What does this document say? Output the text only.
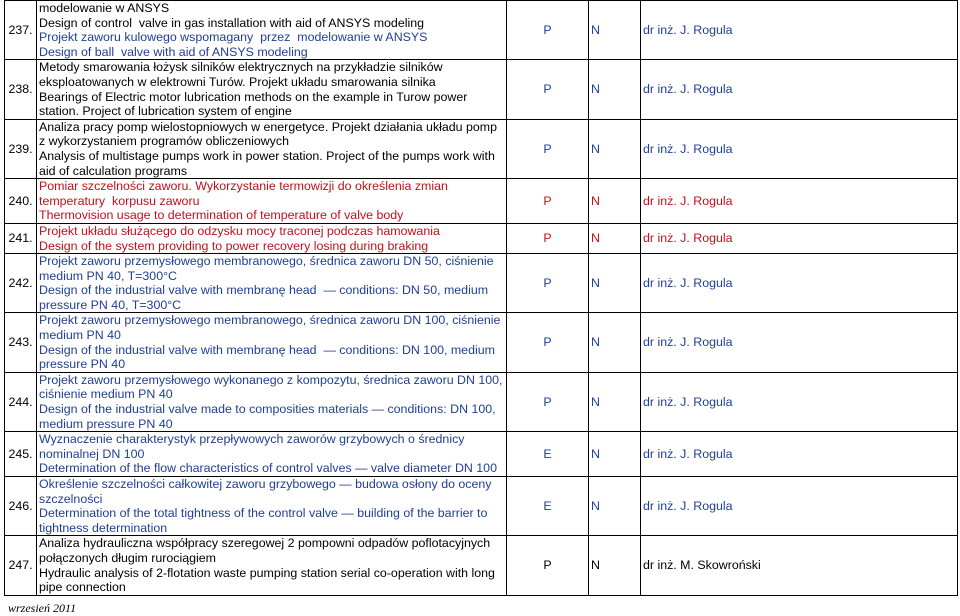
237.	modelowanie w ANSYS
Design of control  valve in gas installation with aid of ANSYS modeling
Projekt zaworu kulowego wspomagany  przez  modelowanie w ANSYS
Design of ball  valve with aid of ANSYS modeling	P	N	dr inż. J. Rogula
238.	Metody smarowania łożysk silników elektrycznych na przykładzie silników eksploatowanych w elektrowni Turów. Projekt układu smarowania silnika
Bearings of Electric motor lubrication methods on the example in Turow power station. Project of lubrication system of engine	P	N	dr inż. J. Rogula
239.	Analiza pracy pomp wielostopniowych w energetyce. Projekt działania układu pomp z wykorzystaniem programów obliczeniowych
Analysis of multistage pumps work in power station. Project of the pumps work with aid of calculation programs	P	N	dr inż. J. Rogula
240.	Pomiar szczelności zaworu. Wykorzystanie termowizji do określenia zmian temperatury  korpusu zaworu
Thermovision usage to determination of temperature of valve body	P	N	dr inż. J. Rogula
241.	Projekt układu służącego do odzysku mocy traconej podczas hamowania
Design of the system providing to power recovery losing during braking	P	N	dr inż. J. Rogula
242.	Projekt zaworu przemysłowego membranowego, średnica zaworu DN 50, ciśnienie medium PN 40, T=300°C
Design of the industrial valve with membranę head  — conditions: DN 50, medium pressure PN 40, T=300°C	P	N	dr inż. J. Rogula
243.	Projekt zaworu przemysłowego membranowego, średnica zaworu DN 100, ciśnienie medium PN 40
Design of the industrial valve with membranę head  — conditions: DN 100, medium pressure PN 40	P	N	dr inż. J. Rogula
244.	Projekt zaworu przemysłowego wykonanego z kompozytu, średnica zaworu DN 100, ciśnienie medium PN 40
Design of the industrial valve made to composities materials — conditions: DN 100, medium pressure PN 40	P	N	dr inż. J. Rogula
245.	Wyznaczenie charakterystyk przepływowych zaworów grzybowych o średnicy nominalnej DN 100
Determination of the flow characteristics of control valves — valve diameter DN 100	E	N	dr inż. J. Rogula
246.	Określenie szczelności całkowitej zaworu grzybowego — budowa osłony do oceny szczelności
Determination of the total tightness of the control valve — building of the barrier to tightness determination	E	N	dr inż. J. Rogula
247.	Analiza hydrauliczna współpracy szeregowej 2 pompowni odpadów poflotacyjnych połączonych długim rurociągiem
Hydraulic analysis of 2-flotation waste pumping station serial co-operation with long pipe connection	P	N	dr inż. M. Skowroński
wrzesień 2011
